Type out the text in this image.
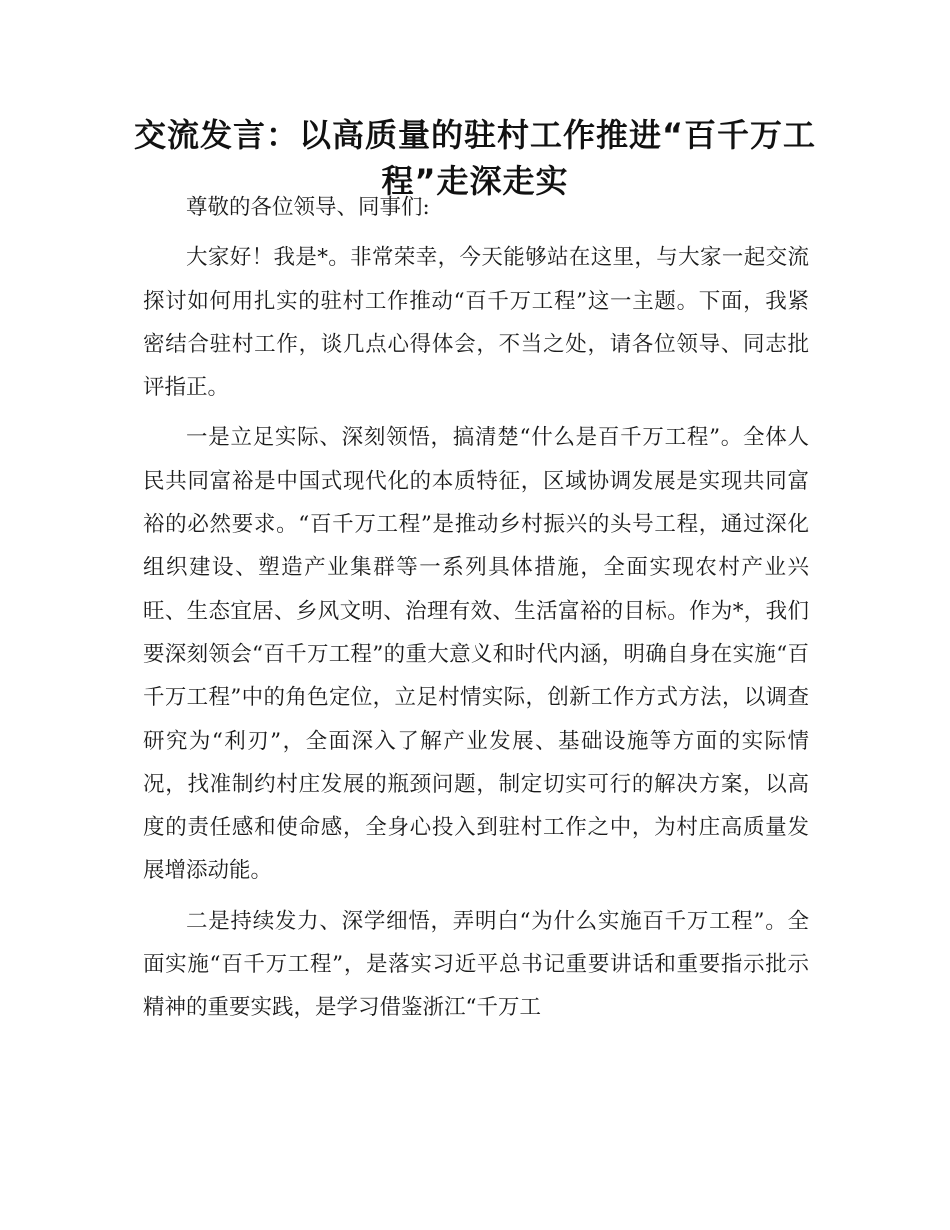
交流发言：以高质量的驻村工作推进“百千万工程”走深走实

尊敬的各位领导、同事们:

大家好！我是*。非常荣幸，今天能够站在这里，与大家一起交流探讨如何用扎实的驻村工作推动“百千万工程”这一主题。下面，我紧密结合驻村工作，谈几点心得体会，不当之处，请各位领导、同志批评指正。

一是立足实际、深刻领悟，搞清楚“什么是百千万工程”。全体人民共同富裕是中国式现代化的本质特征，区域协调发展是实现共同富裕的必然要求。“百千万工程”是推动乡村振兴的头号工程，通过深化组织建设、塑造产业集群等一系列具体措施，全面实现农村产业兴旺、生态宜居、乡风文明、治理有效、生活富裕的目标。作为*，我们要深刻领会“百千万工程”的重大意义和时代内涵，明确自身在实施“百千万工程”中的角色定位，立足村情实际，创新工作方式方法，以调查研究为“利刃”，全面深入了解产业发展、基础设施等方面的实际情况，找准制约村庄发展的瓶颈问题，制定切实可行的解决方案，以高度的责任感和使命感，全身心投入到驻村工作之中，为村庄高质量发展增添动能。

二是持续发力、深学细悟，弄明白“为什么实施百千万工程”。全面实施“百千万工程”，是落实习近平总书记重要讲话和重要指示批示精神的重要实践，是学习借鉴浙江“千万工
